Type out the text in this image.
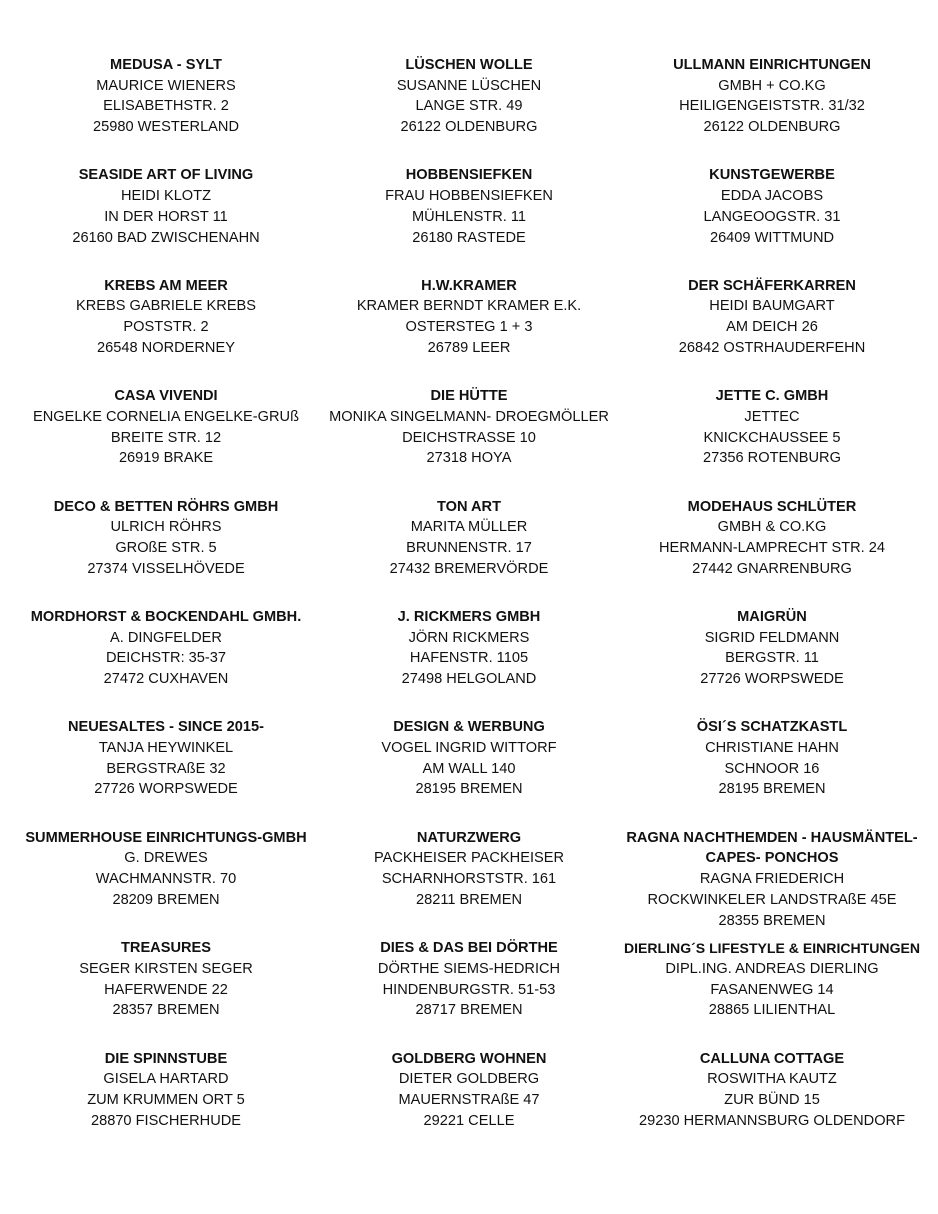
MEDUSA - SYLT
MAURICE WIENERS
ELISABETHSTR. 2
25980 WESTERLAND
LÜSCHEN WOLLE
SUSANNE LÜSCHEN
LANGE STR. 49
26122 OLDENBURG
ULLMANN EINRICHTUNGEN
GMBH + CO.KG
HEILIGENGEISTSTR. 31/32
26122 OLDENBURG
SEASIDE ART OF LIVING
HEIDI KLOTZ
IN DER HORST 11
26160 BAD ZWISCHENAHN
HOBBENSIEFKEN
FRAU HOBBENSIEFKEN
MÜHLENSTR. 11
26180 RASTEDE
KUNSTGEWERBE
EDDA JACOBS
LANGEOOGSTR. 31
26409 WITTMUND
KREBS AM MEER
KREBS GABRIELE KREBS
POSTSTR. 2
26548 NORDERNEY
H.W.KRAMER
KRAMER BERNDT KRAMER E.K.
OSTERSTEG 1 + 3
26789 LEER
DER SCHÄFERKARREN
HEIDI BAUMGART
AM DEICH 26
26842 OSTRHAUDERFEHN
CASA VIVENDI
ENGELKE CORNELIA ENGELKE-GRUß
BREITE STR. 12
26919 BRAKE
DIE HÜTTE
MONIKA SINGELMANN- DROEGMÖLLER
DEICHSTRASSE 10
27318 HOYA
JETTE C. GMBH
JETTEC
KNICKCHAUSSEE 5
27356 ROTENBURG
DECO & BETTEN RÖHRS GMBH
ULRICH RÖHRS
GROßE STR. 5
27374 VISSELHÖVEDE
TON ART
MARITA MÜLLER
BRUNNENSTR. 17
27432 BREMERVÖRDE
MODEHAUS SCHLÜTER
GMBH & CO.KG
HERMANN-LAMPRECHT STR. 24
27442 GNARRENBURG
MORDHORST & BOCKENDAHL GMBH.
A. DINGFELDER
DEICHSTR: 35-37
27472 CUXHAVEN
J. RICKMERS GMBH
JÖRN RICKMERS
HAFENSTR. 1105
27498 HELGOLAND
MAIGRÜN
SIGRID FELDMANN
BERGSTR. 11
27726 WORPSWEDE
NEUESALTES - SINCE 2015-
TANJA HEYWINKEL
BERGSTRAßE 32
27726 WORPSWEDE
DESIGN & WERBUNG
VOGEL INGRID WITTORF
AM WALL 140
28195 BREMEN
ÖSI´S SCHATZKASTL
CHRISTIANE HAHN
SCHNOOR 16
28195 BREMEN
SUMMERHOUSE EINRICHTUNGS-GMBH
G. DREWES
WACHMANNSTR. 70
28209 BREMEN
NATURZWERG
PACKHEISER PACKHEISER
SCHARNHORSTSTR. 161
28211 BREMEN
RAGNA NACHTHEMDEN - HAUSMÄNTEL-
CAPES- PONCHOS
RAGNA FRIEDERICH
ROCKWINKELER LANDSTRAßE 45E
28355 BREMEN
TREASURES
SEGER KIRSTEN SEGER
HAFERWENDE 22
28357 BREMEN
DIES & DAS BEI DÖRTHE
DÖRTHE SIEMS-HEDRICH
HINDENBURGSTR. 51-53
28717 BREMEN
DIERLING´S LIFESTYLE & EINRICHTUNGEN
DIPL.ING. ANDREAS DIERLING
FASANENWEG 14
28865 LILIENTHAL
DIE SPINNSTUBE
GISELA HARTARD
ZUM KRUMMEN ORT 5
28870 FISCHERHUDE
GOLDBERG WOHNEN
DIETER GOLDBERG
MAUERNSTRAßE 47
29221 CELLE
CALLUNA COTTAGE
ROSWITHA KAUTZ
ZUR BÜND 15
29230 HERMANNSBURG OLDENDORF
